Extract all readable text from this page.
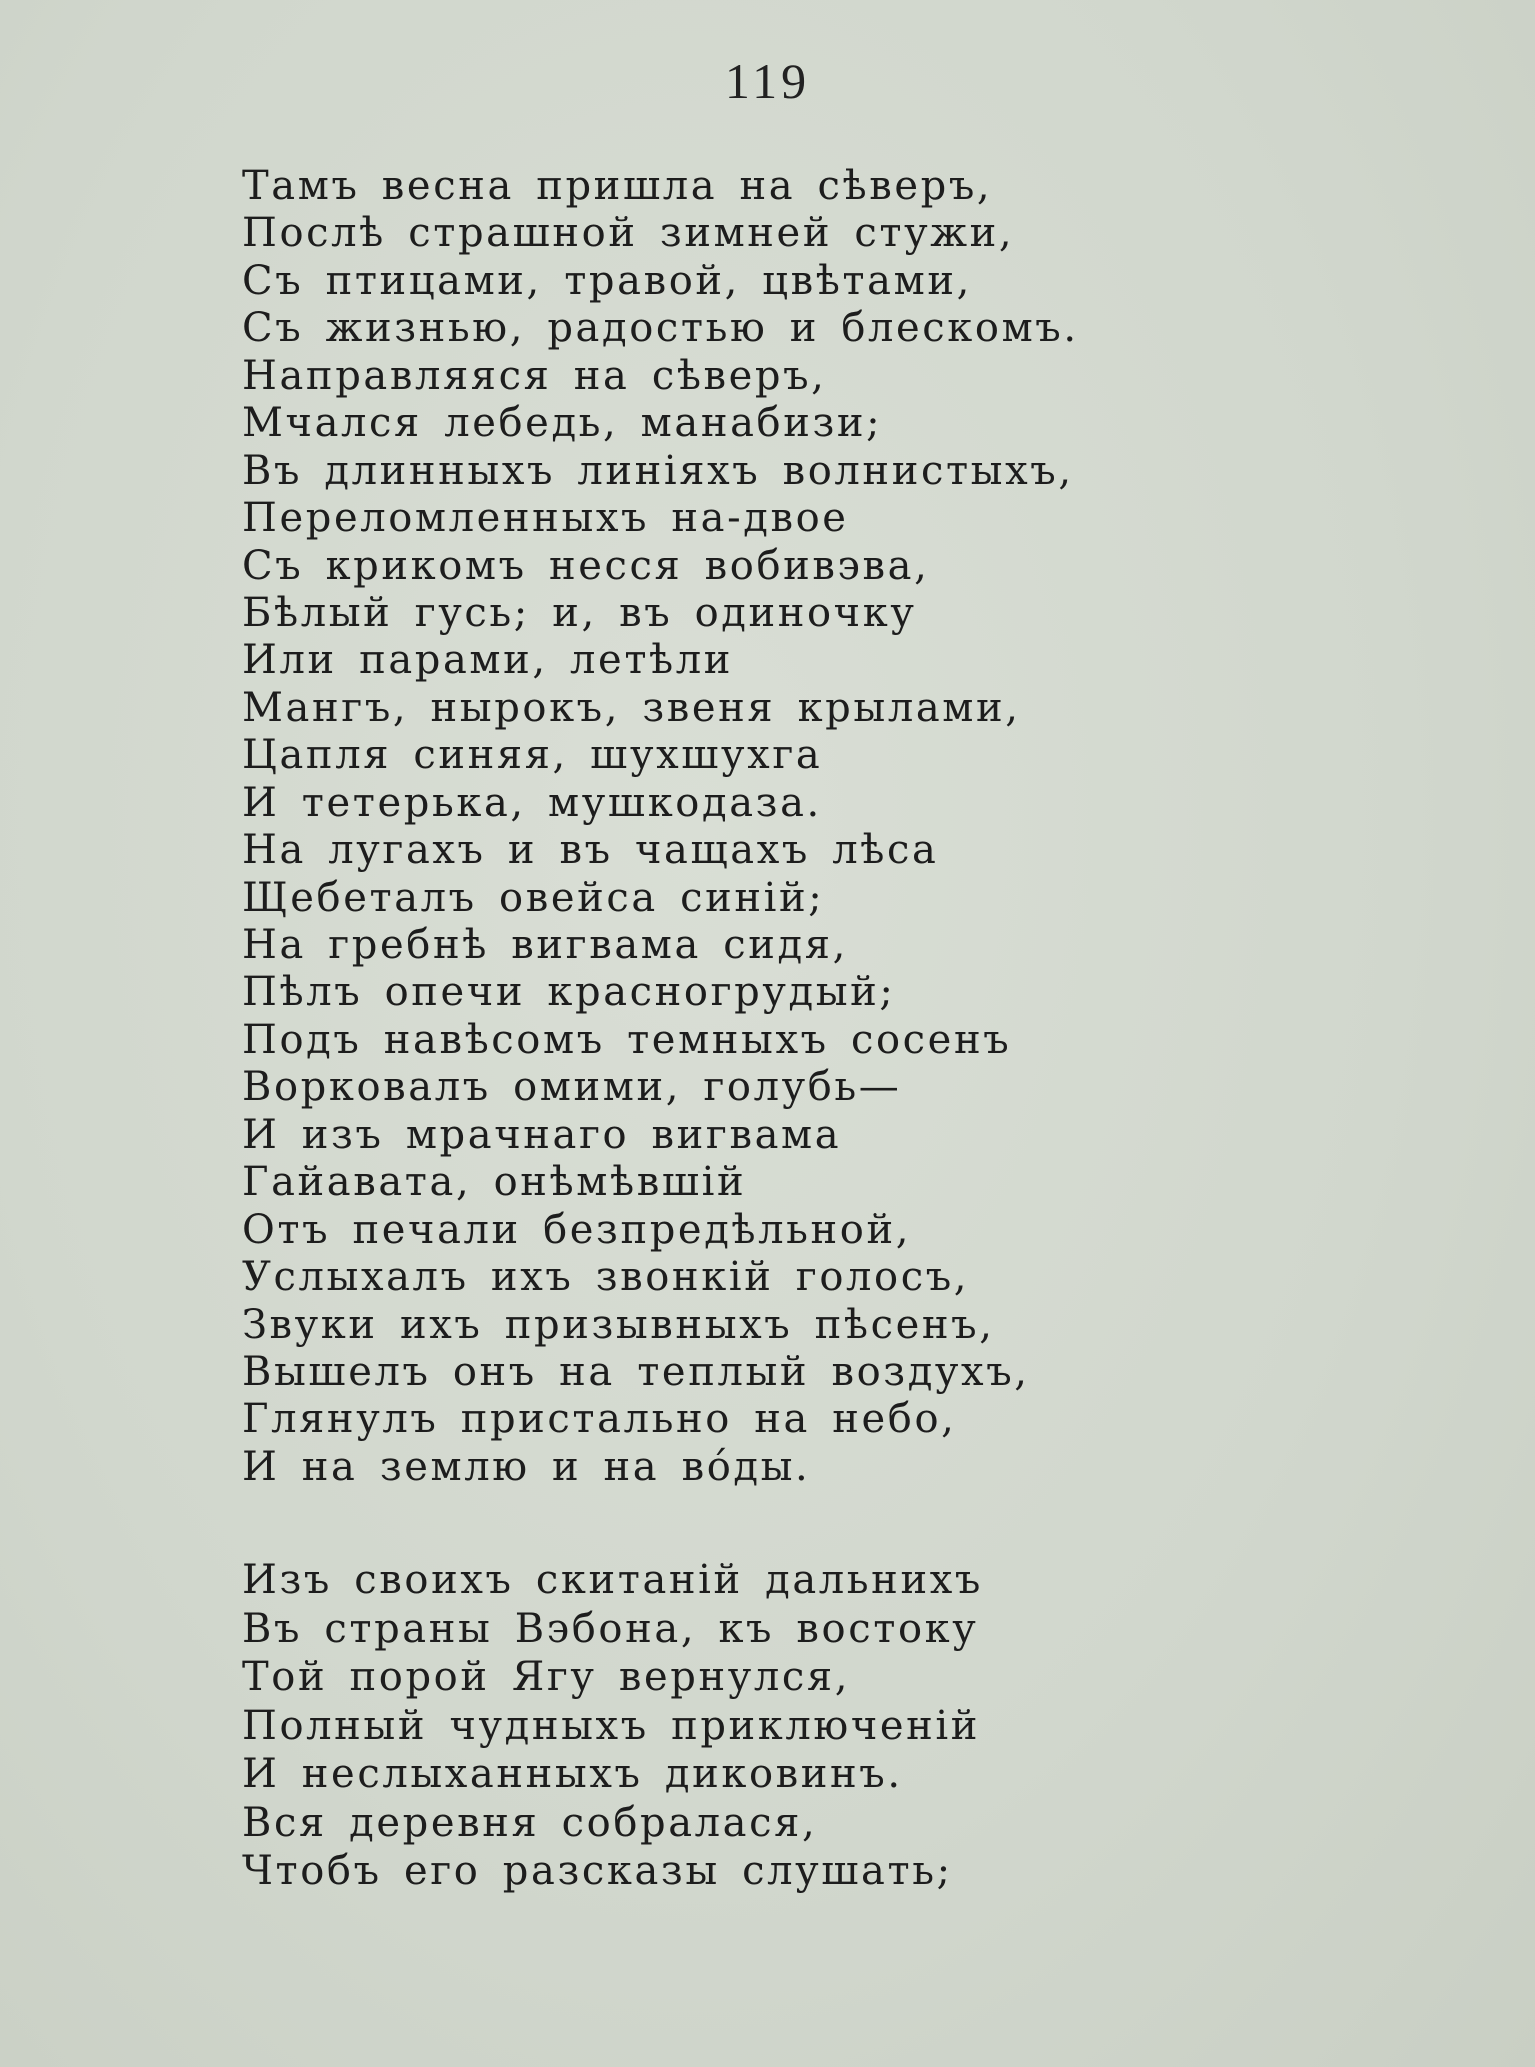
119
Тамъ весна пришла на сѣверъ,
Послѣ страшной зимней стужи,
Съ птицами, травой, цвѣтами,
Съ жизнью, радостью и блескомъ.
Направляяся на сѣверъ,
Мчался лебедь, манабизи;
Въ длинныхъ линіяхъ волнистыхъ,
Переломленныхъ на-двое
Съ крикомъ несся вобивэва,
Бѣлый гусь; и, въ одиночку
Или парами, летѣли
Мангъ, нырокъ, звеня крылами,
Цапля синяя, шухшухга
И тетерька, мушкодаза.
На лугахъ и въ чащахъ лѣса
Щебеталъ овейса синій;
На гребнѣ вигвама сидя,
Пѣлъ опечи красногрудый;
Подъ навѣсомъ темныхъ сосенъ
Ворковалъ омими, голубь—
И изъ мрачнаго вигвама
Гайавата, онѣмѣвшій
Отъ печали безпредѣльной,
Услыхалъ ихъ звонкій голосъ,
Звуки ихъ призывныхъ пѣсенъ,
Вышелъ онъ на теплый воздухъ,
Глянулъ пристально на небо,
И на землю и на вóды.
Изъ своихъ скитаній дальнихъ
Въ страны Вэбона, къ востоку
Той порой Ягу вернулся,
Полный чудныхъ приключеній
И неслыханныхъ диковинъ.
Вся деревня собралася,
Чтобъ его разсказы слушать;
